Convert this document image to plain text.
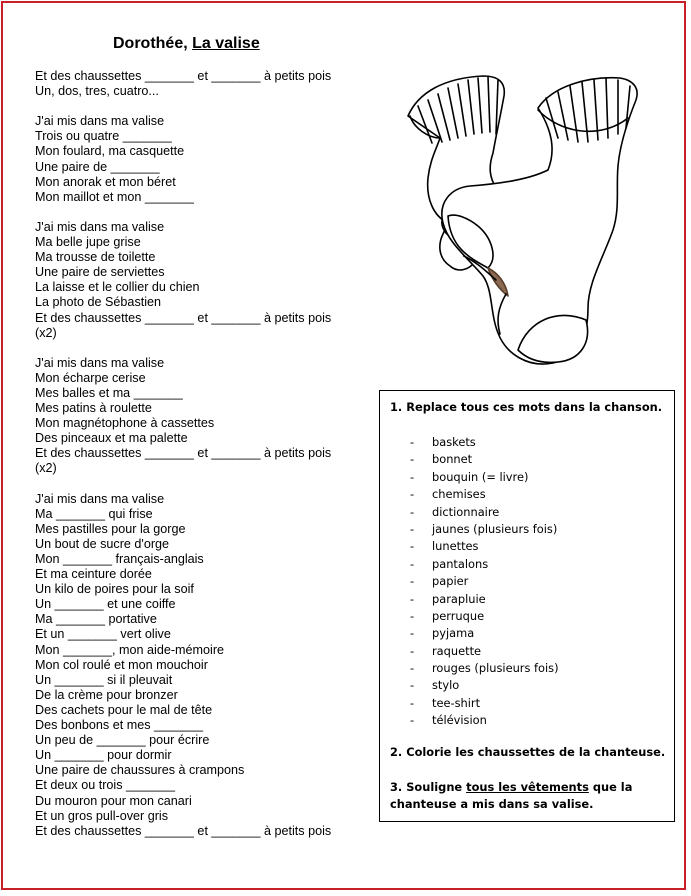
Dorothée, La valise
Et des chaussettes _______ et _______ à petits pois
Un, dos, tres, cuatro...
J'ai mis dans ma valise
Trois ou quatre _______
Mon foulard, ma casquette
Une paire de _______
Mon anorak et mon béret
Mon maillot et mon _______
J'ai mis dans ma valise
Ma belle jupe grise
Ma trousse de toilette
Une paire de serviettes
La laisse et le collier du chien
La photo de Sébastien
Et des chaussettes _______ et _______ à petits pois
(x2)
J'ai mis dans ma valise
Mon écharpe cerise
Mes balles et ma _______
Mes patins à roulette
Mon magnétophone à cassettes
Des pinceaux et ma palette
Et des chaussettes _______ et _______ à petits pois
(x2)
J'ai mis dans ma valise
Ma _______ qui frise
Mes pastilles pour la gorge
Un bout de sucre d'orge
Mon _______ français-anglais
Et ma ceinture dorée
Un kilo de poires pour la soif
Un _______ et une coiffe
Ma _______ portative
Et un _______ vert olive
Mon _______, mon aide-mémoire
Mon col roulé et mon mouchoir
Un _______ si il pleuvait
De la crème pour bronzer
Des cachets pour le mal de tête
Des bonbons et mes _______
Un peu de _______ pour écrire
Un _______ pour dormir
Une paire de chaussures à crampons
Et deux ou trois _______
Du mouron pour mon canari
Et un gros pull-over gris
Et des chaussettes _______ et _______ à petits pois
1. Replace tous ces mots dans la chanson.
- baskets
- bonnet
- bouquin (= livre)
- chemises
- dictionnaire
- jaunes (plusieurs fois)
- lunettes
- pantalons
- papier
- parapluie
- perruque
- pyjama
- raquette
- rouges (plusieurs fois)
- stylo
- tee-shirt
- télévision
2. Colorie les chaussettes de la chanteuse.
3. Souligne tous les vêtements que la chanteuse a mis dans sa valise.
